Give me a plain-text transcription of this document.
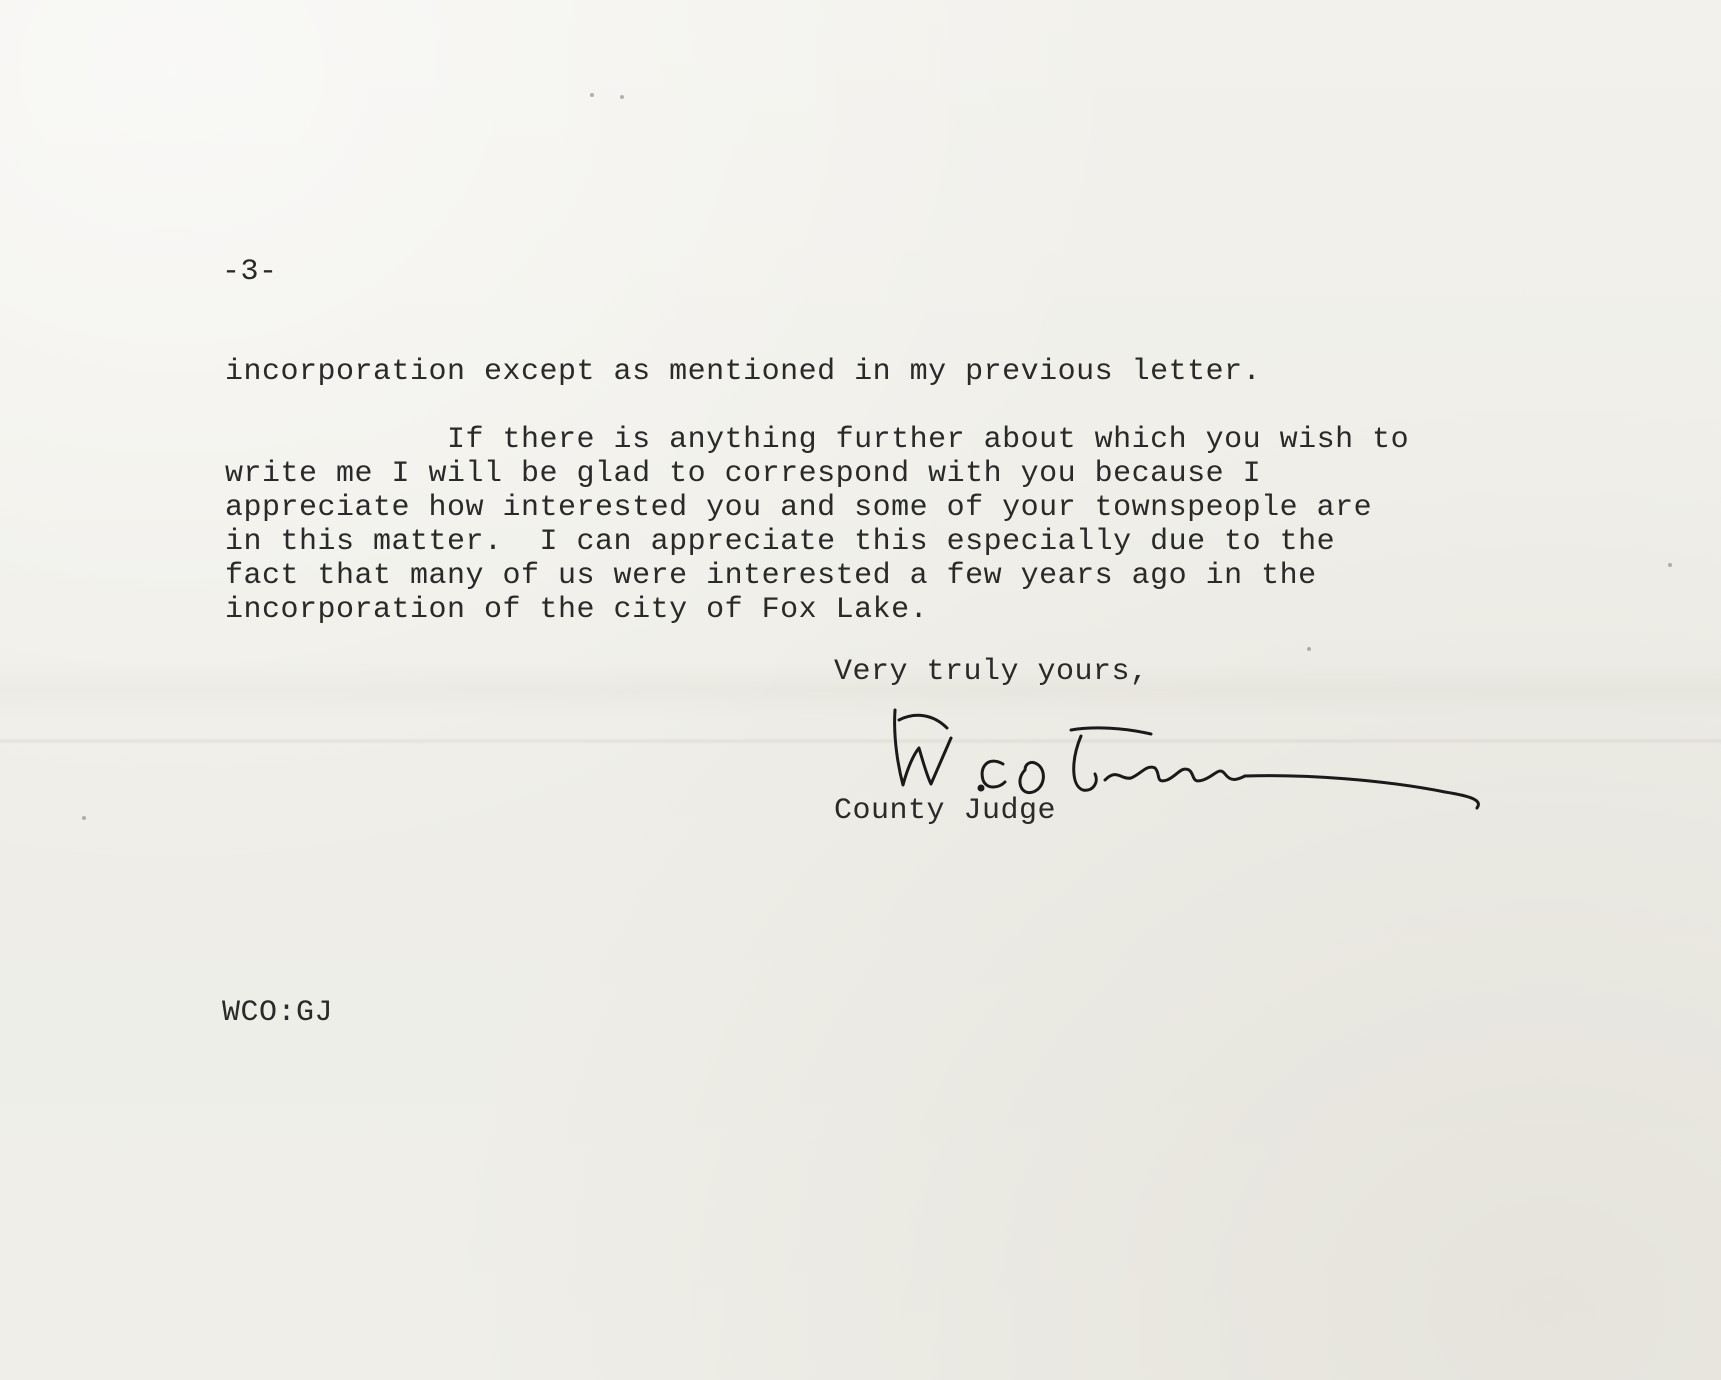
-3-

incorporation except as mentioned in my previous letter.

If there is anything further about which you wish to

write me I will be glad to correspond with you because I

appreciate how interested you and some of your townspeople are

in this matter.  I can appreciate this especially due to the

fact that many of us were interested a few years ago in the

incorporation of the city of Fox Lake.

Very truly yours,

County Judge

WCO:GJ
